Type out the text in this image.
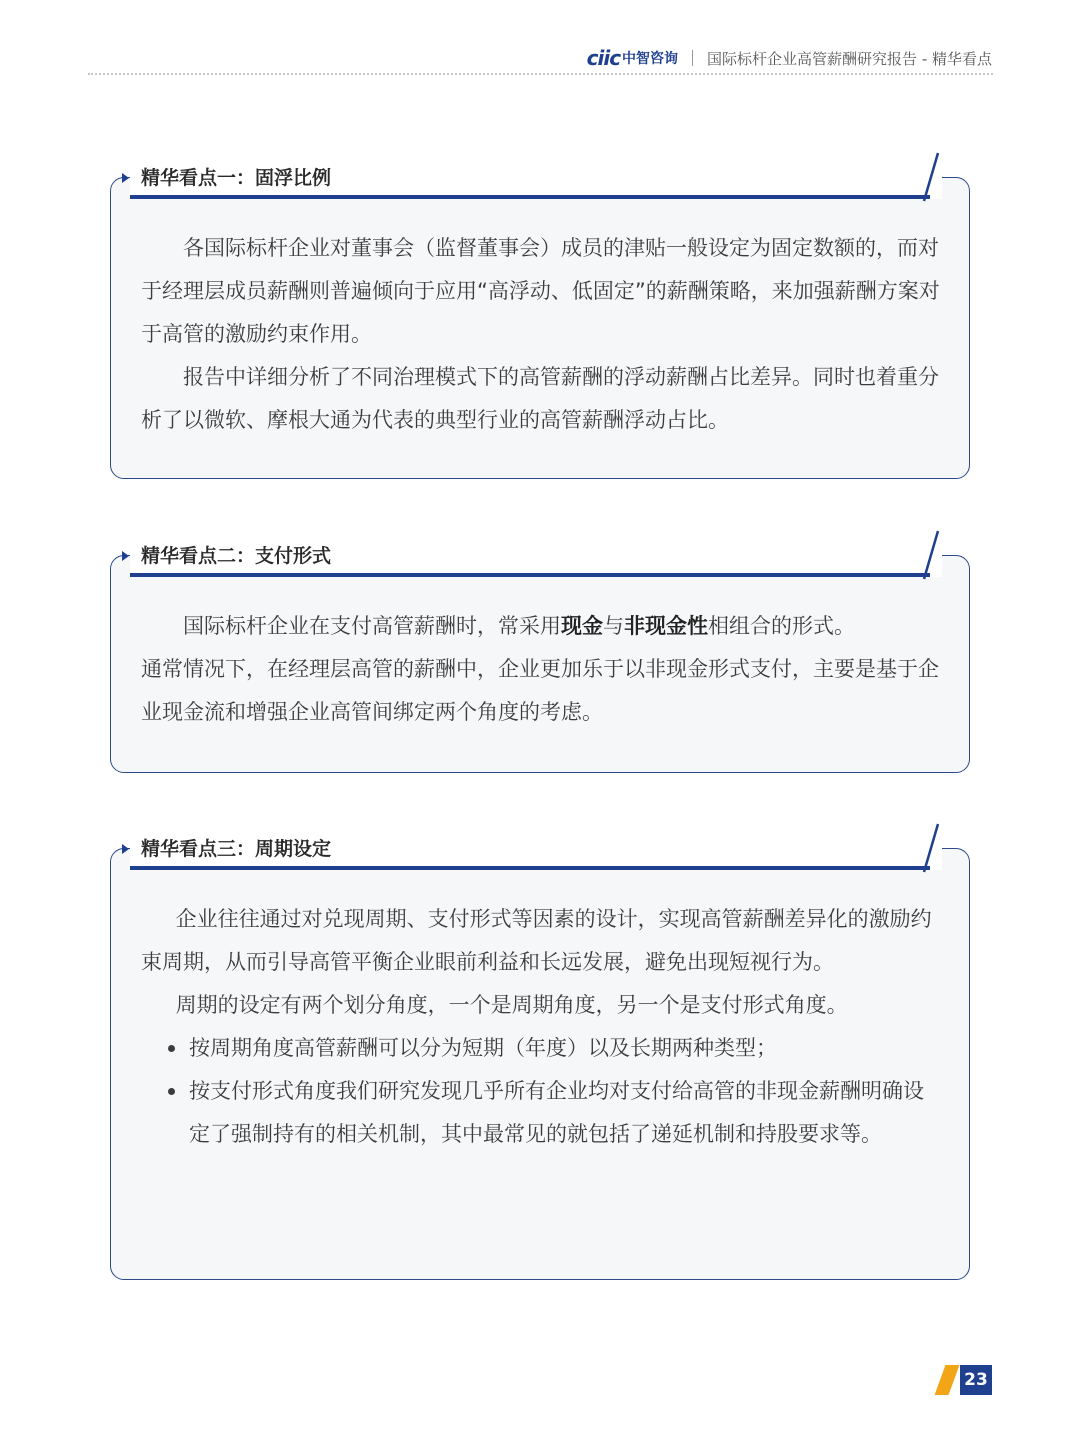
ciic 中智咨询 国际标杆企业高管薪酬研究报告 - 精华看点
精华看点一：固浮比例

各国际标杆企业对董事会（监督董事会）成员的津贴一般设定为固定数额的，而对于经理层成员薪酬则普遍倾向于应用“高浮动、低固定”的薪酬策略，来加强薪酬方案对于高管的激励约束作用。

报告中详细分析了不同治理模式下的高管薪酬的浮动薪酬占比差异。同时也着重分析了以微软、摩根大通为代表的典型行业的高管薪酬浮动占比。

精华看点二：支付形式

国际标杆企业在支付高管薪酬时，常采用现金与非现金性相组合的形式。

通常情况下，在经理层高管的薪酬中，企业更加乐于以非现金形式支付，主要是基于企业现金流和增强企业高管间绑定两个角度的考虑。

精华看点三：周期设定

企业往往通过对兑现周期、支付形式等因素的设计，实现高管薪酬差异化的激励约束周期，从而引导高管平衡企业眼前利益和长远发展，避免出现短视行为。

周期的设定有两个划分角度，一个是周期角度，另一个是支付形式角度。

按周期角度高管薪酬可以分为短期（年度）以及长期两种类型；
按支付形式角度我们研究发现几乎所有企业均对支付给高管的非现金薪酬明确设定了强制持有的相关机制，其中最常见的就包括了递延机制和持股要求等。
23
